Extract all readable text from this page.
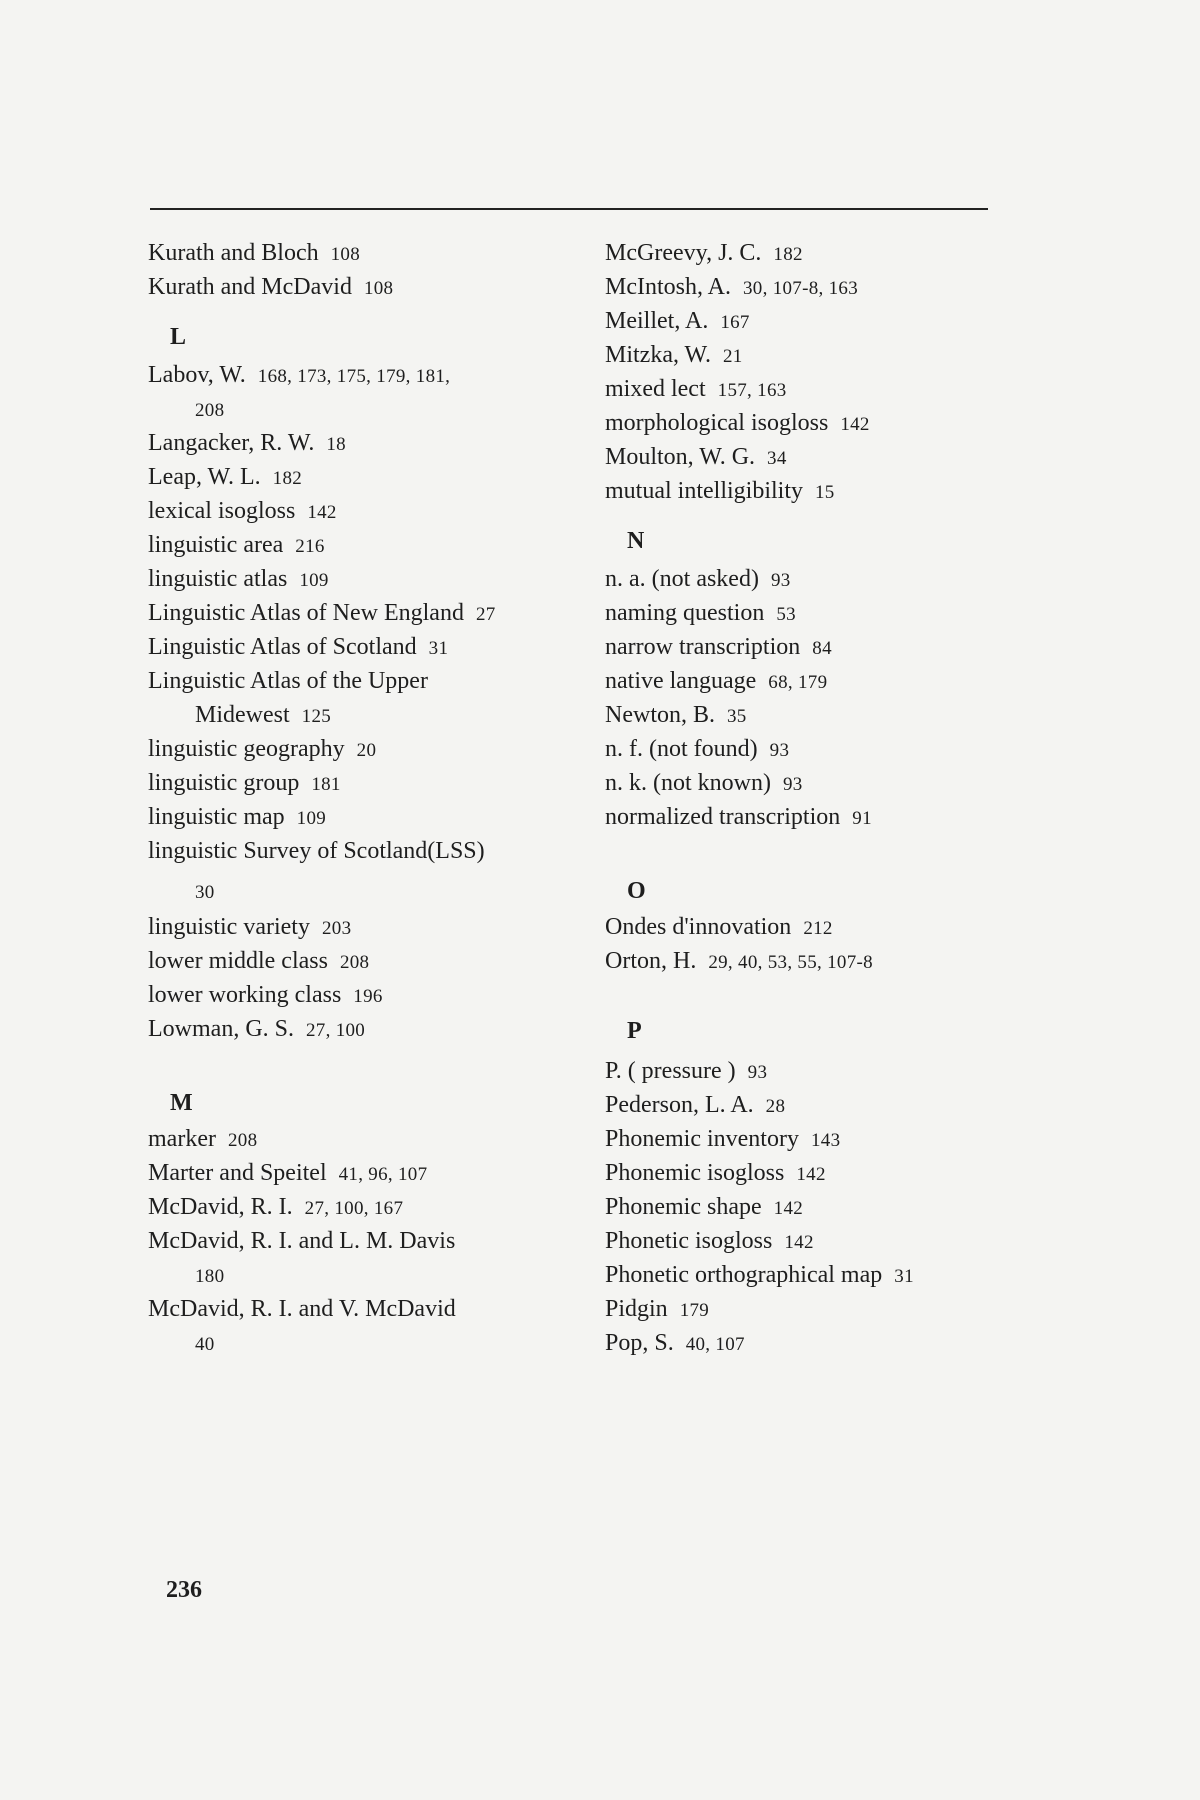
Kurath and Bloch 108
Kurath and McDavid 108
L
Labov, W. 168, 173, 175, 179, 181,
208
Langacker, R. W. 18
Leap, W. L. 182
lexical isogloss 142
linguistic area 216
linguistic atlas 109
Linguistic Atlas of New England 27
Linguistic Atlas of Scotland 31
Linguistic Atlas of the Upper
Midewest 125
linguistic geography 20
linguistic group 181
linguistic map 109
linguistic Survey of Scotland(LSS)
30
linguistic variety 203
lower middle class 208
lower working class 196
Lowman, G. S. 27, 100
M
marker 208
Marter and Speitel 41, 96, 107
McDavid, R. I. 27, 100, 167
McDavid, R. I. and L. M. Davis
180
McDavid, R. I. and V. McDavid
40
McGreevy, J. C. 182
McIntosh, A. 30, 107-8, 163
Meillet, A. 167
Mitzka, W. 21
mixed lect 157, 163
morphological isogloss 142
Moulton, W. G. 34
mutual intelligibility 15
N
n. a. (not asked) 93
naming question 53
narrow transcription 84
native language 68, 179
Newton, B. 35
n. f. (not found) 93
n. k. (not known) 93
normalized transcription 91
O
Ondes d'innovation 212
Orton, H. 29, 40, 53, 55, 107-8
P
P. ( pressure ) 93
Pederson, L. A. 28
Phonemic inventory 143
Phonemic isogloss 142
Phonemic shape 142
Phonetic isogloss 142
Phonetic orthographical map 31
Pidgin 179
Pop, S. 40, 107
236
